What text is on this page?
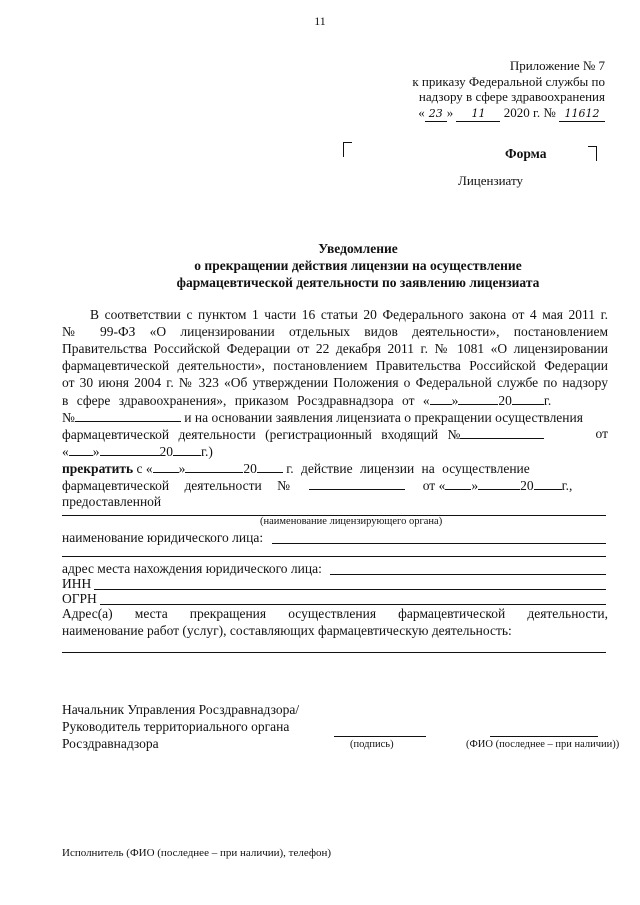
11
Приложение № 7
к приказу Федеральной службы по
надзору в сфере здравоохранения
« 23 » 11 2020 г. № 11612
Форма
Лицензиату
Уведомление
о прекращении действия лицензии на осуществление
фармацевтической деятельности по заявлению лицензиата
В соответствии с пунктом 1 части 16 статьи 20 Федерального закона от 4 мая 2011 г.
№ 99-ФЗ «О лицензировании отдельных видов деятельности», постановлением
Правительства Российской Федерации от 22 декабря 2011 г. № 1081 «О лицензировании
фармацевтической деятельности», постановлением Правительства Российской Федерации
от 30 июня 2004 г. № 323 «Об утверждении Положения о Федеральной службе по надзору
в сфере здравоохранения», приказом Росздравнадзора от « »	20 г.
№	и на основании заявления лицензиата о прекращении осуществления
фармацевтической деятельности (регистрационный входящий №	от
« »	20 г.)
прекратить с « »	20 г. действие лицензии на осуществление
фармацевтической деятельности №	от « »	20 г.,
предоставленной
(наименование лицензирующего органа)
наименование юридического лица:
адрес места нахождения юридического лица:
ИНН
ОГРН
Адрес(а) места прекращения осуществления фармацевтической деятельности,
наименование работ (услуг), составляющих фармацевтическую деятельность:
Начальник Управления Росздравнадзора/
Руководитель территориального органа
Росздравнадзора	(подпись)	(ФИО (последнее – при наличии))
Исполнитель (ФИО (последнее – при наличии), телефон)
